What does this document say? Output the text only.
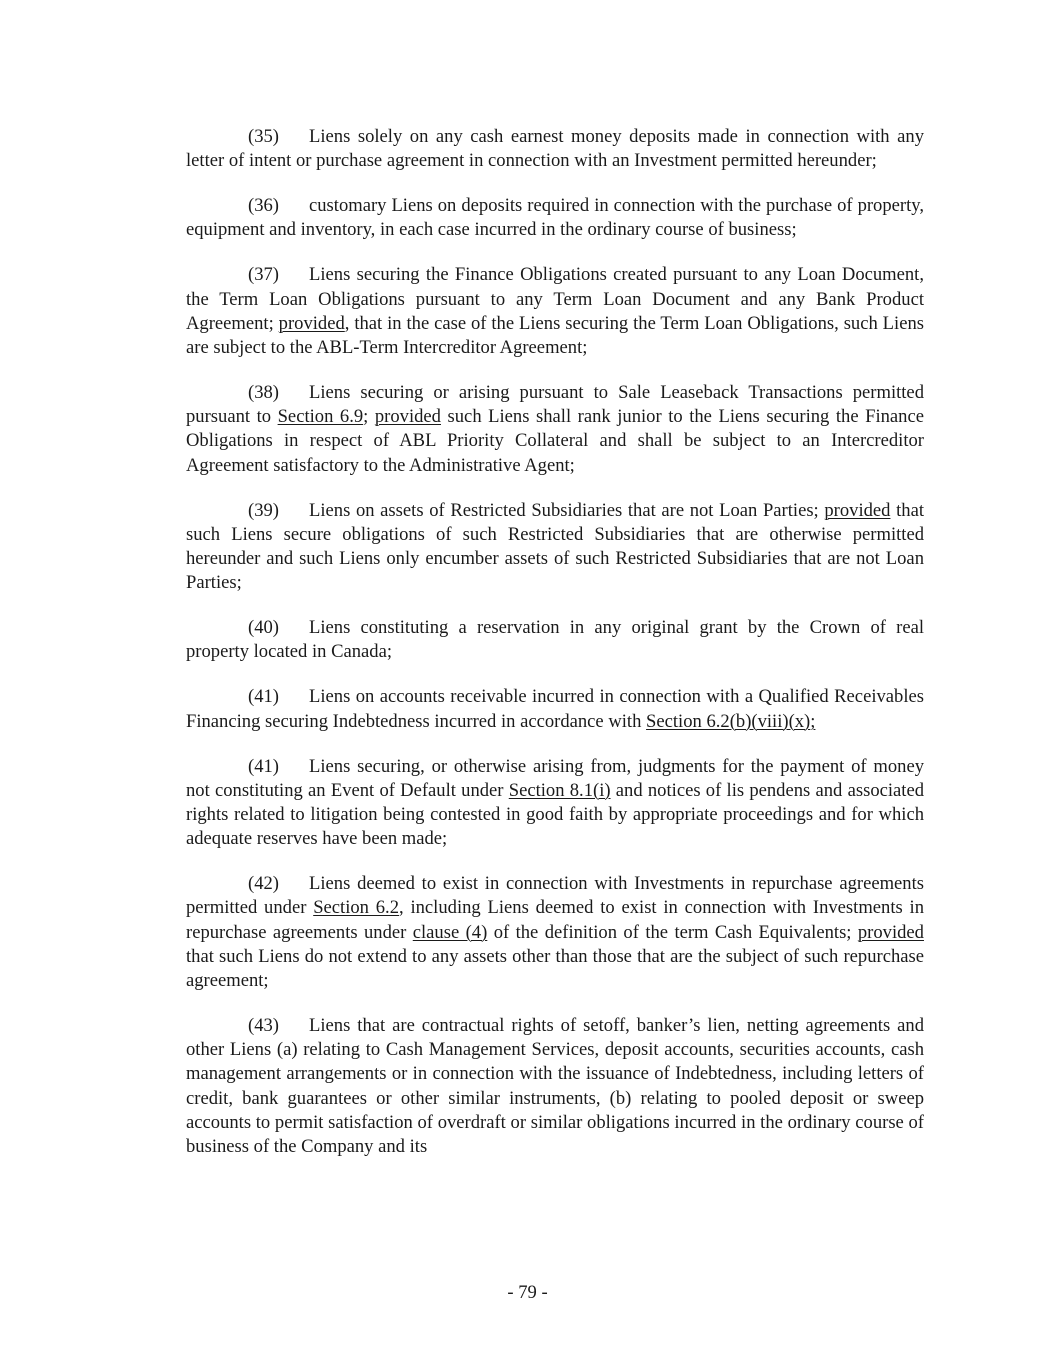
(35) Liens solely on any cash earnest money deposits made in connection with any letter of intent or purchase agreement in connection with an Investment permitted hereunder;

(36) customary Liens on deposits required in connection with the purchase of property, equipment and inventory, in each case incurred in the ordinary course of business;

(37) Liens securing the Finance Obligations created pursuant to any Loan Document, the Term Loan Obligations pursuant to any Term Loan Document and any Bank Product Agreement; provided, that in the case of the Liens securing the Term Loan Obligations, such Liens are subject to the ABL-Term Intercreditor Agreement;

(38) Liens securing or arising pursuant to Sale Leaseback Transactions permitted pursuant to Section 6.9; provided such Liens shall rank junior to the Liens securing the Finance Obligations in respect of ABL Priority Collateral and shall be subject to an Intercreditor Agreement satisfactory to the Administrative Agent;

(39) Liens on assets of Restricted Subsidiaries that are not Loan Parties; provided that such Liens secure obligations of such Restricted Subsidiaries that are otherwise permitted hereunder and such Liens only encumber assets of such Restricted Subsidiaries that are not Loan Parties;

(40) Liens constituting a reservation in any original grant by the Crown of real property located in Canada;

(41) Liens on accounts receivable incurred in connection with a Qualified Receivables Financing securing Indebtedness incurred in accordance with Section 6.2(b)(viii)(x);

(41) Liens securing, or otherwise arising from, judgments for the payment of money not constituting an Event of Default under Section 8.1(i) and notices of lis pendens and associated rights related to litigation being contested in good faith by appropriate proceedings and for which adequate reserves have been made;

(42) Liens deemed to exist in connection with Investments in repurchase agreements permitted under Section 6.2, including Liens deemed to exist in connection with Investments in repurchase agreements under clause (4) of the definition of the term Cash Equivalents; provided that such Liens do not extend to any assets other than those that are the subject of such repurchase agreement;

(43) Liens that are contractual rights of setoff, banker’s lien, netting agreements and other Liens (a) relating to Cash Management Services, deposit accounts, securities accounts, cash management arrangements or in connection with the issuance of Indebtedness, including letters of credit, bank guarantees or other similar instruments, (b) relating to pooled deposit or sweep accounts to permit satisfaction of overdraft or similar obligations incurred in the ordinary course of business of the Company and its

- 79 -
